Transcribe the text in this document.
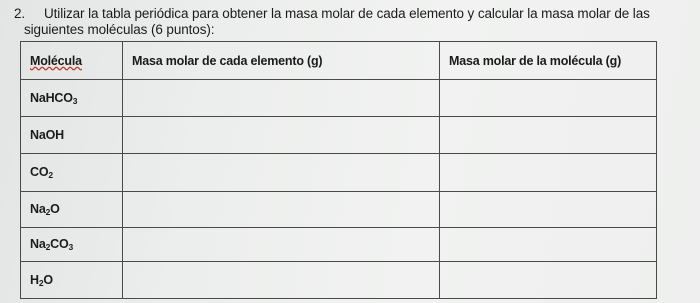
2. Utilizar la tabla periódica para obtener la masa molar de cada elemento y calcular la masa molar de las
siguientes moléculas (6 puntos):
Molécula	Masa molar de cada elemento (g)	Masa molar de la molécula (g)
NaHCO$_3$		
NaOH		
$CO_2$		
$Na_2O$		
$Na_2CO_3$		
$H_2O$		
